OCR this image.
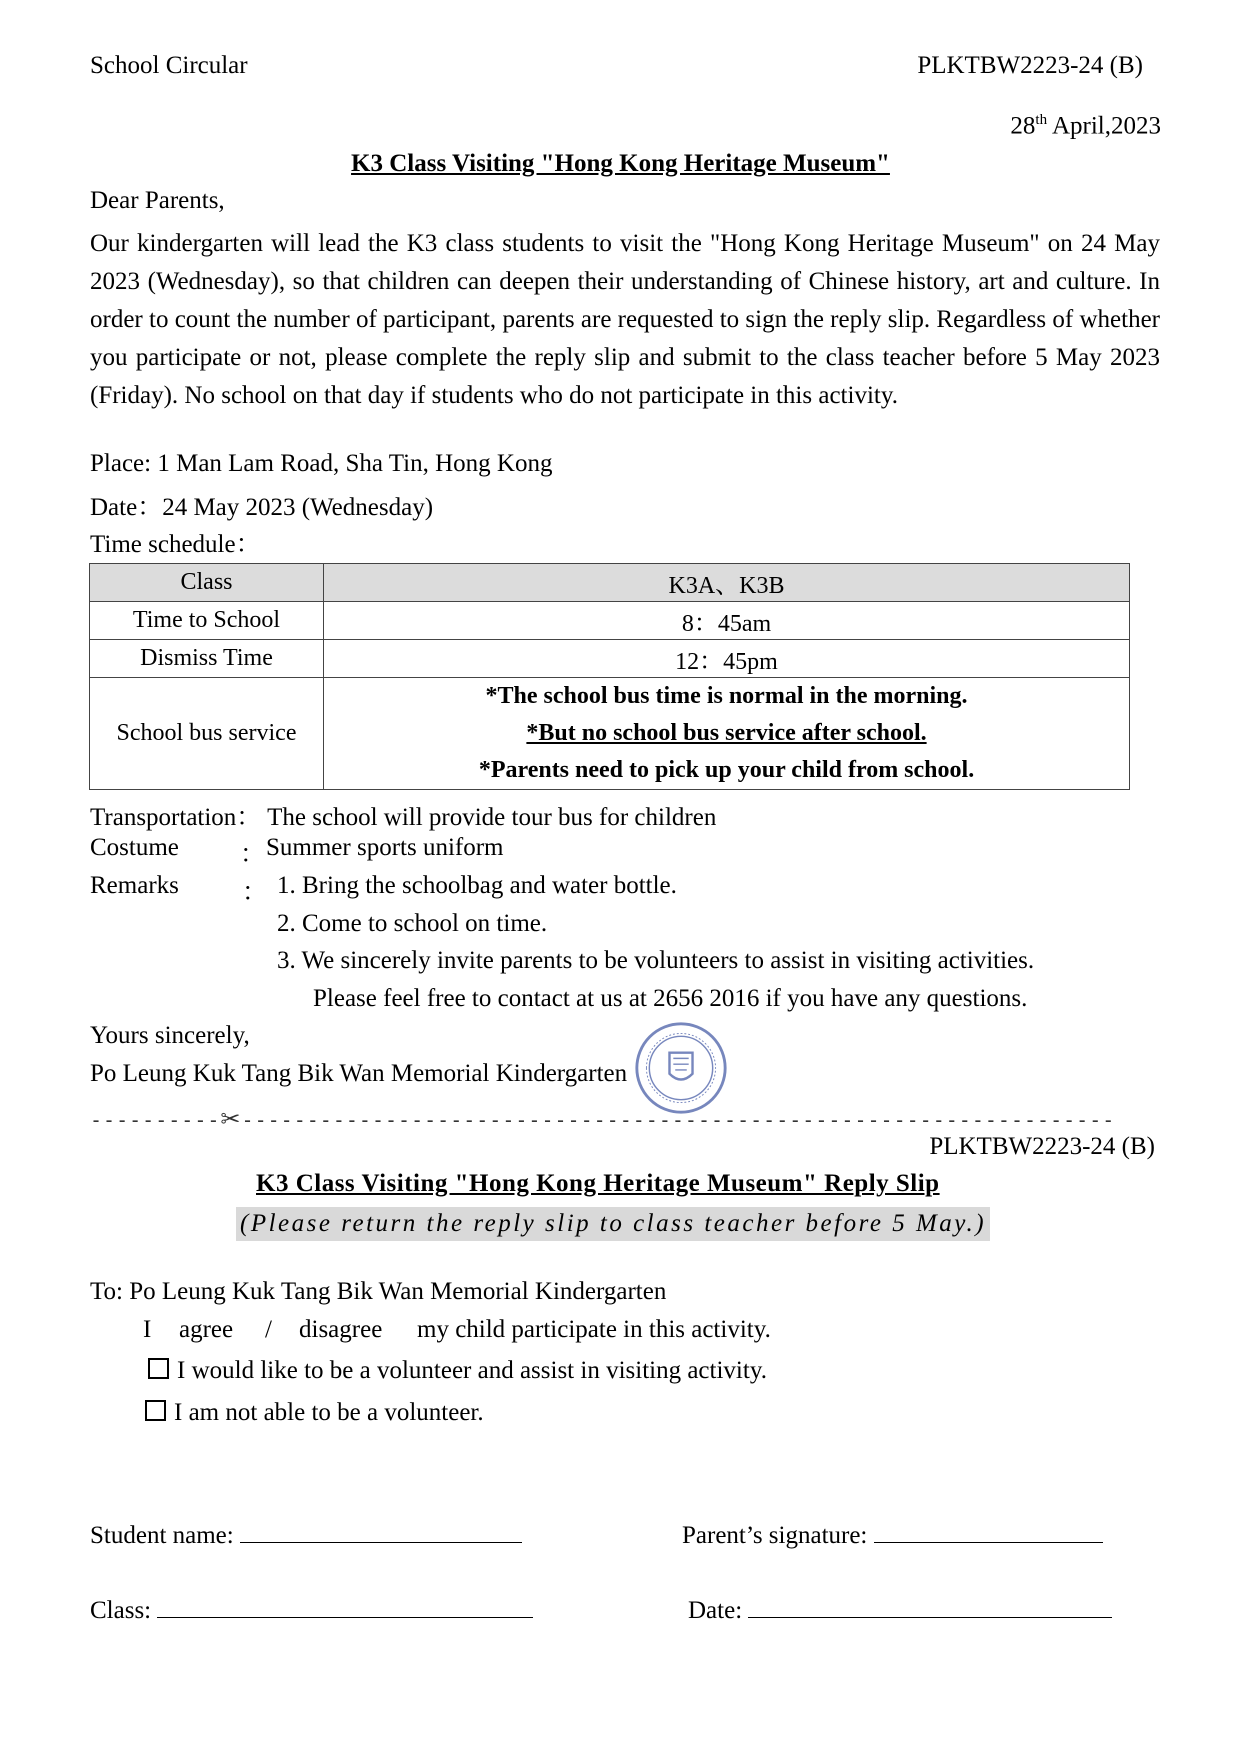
School Circular	PLKTBW2223-24 (B)
28th April,2023
K3 Class Visiting "Hong Kong Heritage Museum"
Dear Parents,
Our kindergarten will lead the K3 class students to visit the "Hong Kong Heritage Museum" on 24 May 2023 (Wednesday), so that children can deepen their understanding of Chinese history, art and culture. In order to count the number of participant, parents are requested to sign the reply slip. Regardless of whether you participate or not, please complete the reply slip and submit to the class teacher before 5 May 2023 (Friday). No school on that day if students who do not participate in this activity.
Place: 1 Man Lam Road, Sha Tin, Hong Kong
Date：24 May 2023 (Wednesday)
Time schedule：
Class	K3A、K3B
Time to School	8：45am
Dismiss Time	12：45pm
School bus service	*The school bus time is normal in the morning.
*But no school bus service after school.
*Parents need to pick up your child from school.
Transportation： The school will provide tour bus for children
Costume ： Summer sports uniform
Remarks	： 1. Bring the schoolbag and water bottle.
2. Come to school on time.
3. We sincerely invite parents to be volunteers to assist in visiting activities.
Please feel free to contact at us at 2656 2016 if you have any questions.
Yours sincerely,
Po Leung Kuk Tang Bik Wan Memorial Kindergarten
----------✂-------------------------------------------------------------------
PLKTBW2223-24 (B)
K3 Class Visiting "Hong Kong Heritage Museum" Reply Slip
(Please return the reply slip to class teacher before 5 May.)
To: Po Leung Kuk Tang Bik Wan Memorial Kindergarten
I agree / disagree my child participate in this activity.
I would like to be a volunteer and assist in visiting activity.
I am not able to be a volunteer.
Student name:	Parent’s signature:
Class:	Date:
